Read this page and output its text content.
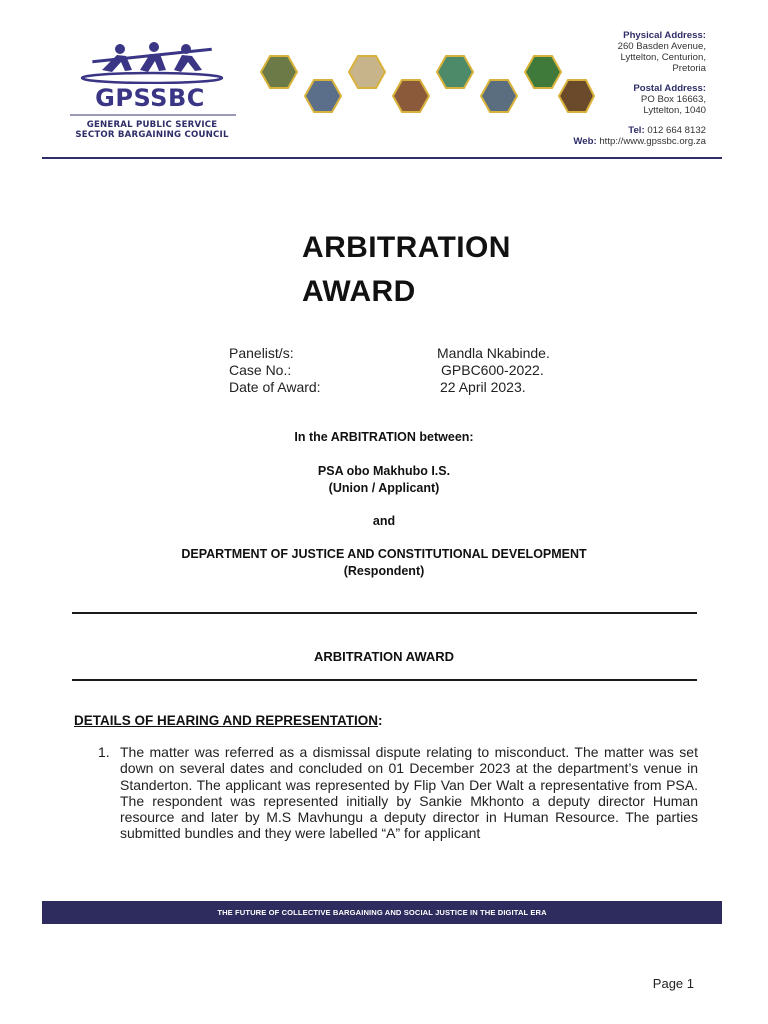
GPSSBC
GENERAL PUBLIC SERVICE
SECTOR BARGAINING COUNCIL
Physical Address:
260 Basden Avenue,
Lyttelton, Centurion,
Pretoria
Postal Address:
PO Box 16663,
Lyttelton, 1040
Tel: 012 664 8132
Web: http://www.gpssbc.org.za
ARBITRATION
AWARD
Panelist/s:	Mandla Nkabinde.
Case No.:	GPBC600-2022.
Date of Award:	22 April 2023.
In the ARBITRATION between:
PSA obo Makhubo I.S.
(Union / Applicant)
and
DEPARTMENT OF JUSTICE AND CONSTITUTIONAL DEVELOPMENT
(Respondent)
ARBITRATION AWARD
DETAILS OF HEARING AND REPRESENTATION:
1. The matter was referred as a dismissal dispute relating to misconduct. The matter was set down on several dates and concluded on 01 December 2023 at the department’s venue in Standerton. The applicant was represented by Flip Van Der Walt a representative from PSA. The respondent was represented initially by Sankie Mkhonto a deputy director Human resource and later by M.S Mavhungu a deputy director in Human Resource. The parties submitted bundles and they were labelled “A” for applicant
THE FUTURE OF COLLECTIVE BARGAINING AND SOCIAL JUSTICE IN THE DIGITAL ERA
Page 1
